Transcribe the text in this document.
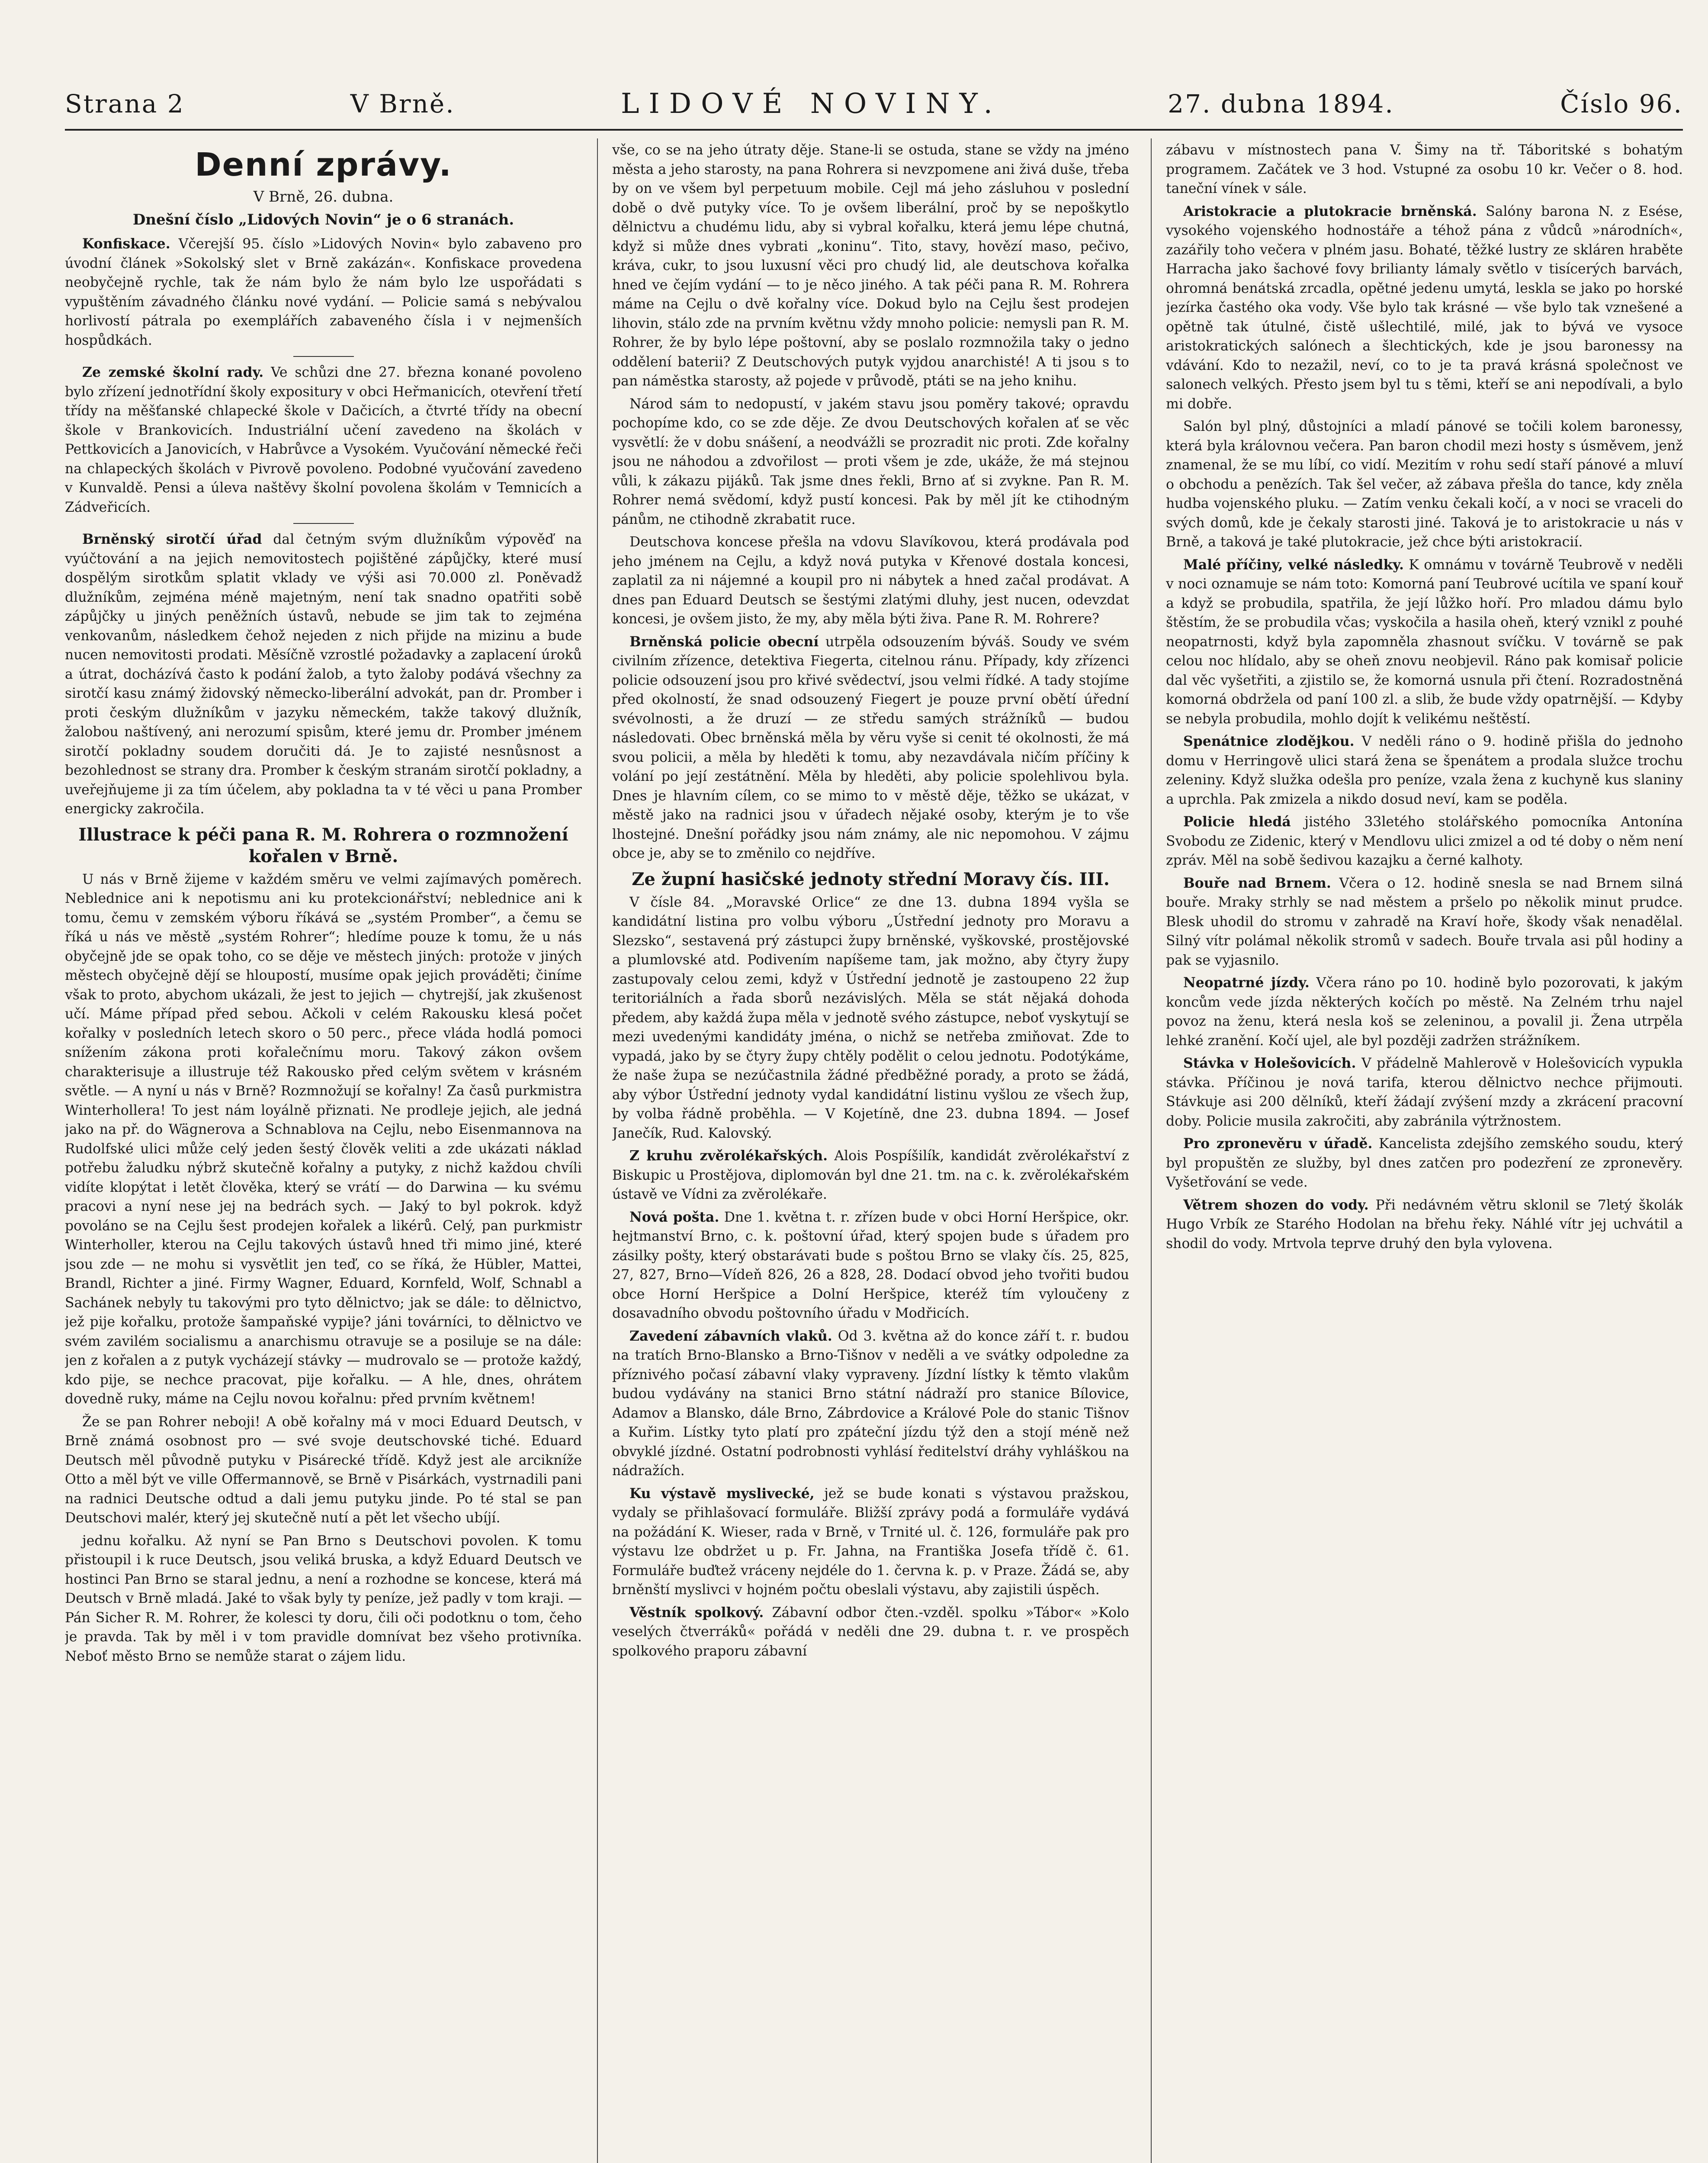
Strana 2	V Brně.	LIDOVÉ NOVINY.	27. dubna 1894.	Číslo 96.
Denní zprávy.
V Brně, 26. dubna.
Dnešní číslo „Lidových Novin“ je o 6 stranách.

Konfiskace. Včerejší 95. číslo »Lidových Novin« bylo zabaveno pro úvodní článek »Sokolský slet v Brně zakázán«. Konfiskace provedena neobyčejně rychle, tak že nám bylo že nám bylo lze uspořádati s vypuštěním závadného článku nové vydání. — Policie samá s nebývalou horlivostí pátrala po exemplářích zabaveného čísla i v nejmenších hospůdkách.

Ze zemské školní rady. Ve schůzi dne 27. března konané povoleno bylo zřízení jednotřídní školy expositury v obci Heřmanicích, otevření třetí třídy na měšťanské chlapecké škole v Dačicích, a čtvrté třídy na obecní škole v Brankovicích. Industriální učení zavedeno na školách v Pettkovicích a Janovicích, v Habrůvce a Vysokém. Vyučování německé řeči na chlapeckých školách v Pivrově povoleno. Podobné vyučování zavedeno v Kunvaldě. Pensi a úleva naštěvy školní povolena školám v Temnicích a Zádveřicích.

Brněnský sirotčí úřad dal četným svým dlužníkům výpověď na vyúčtování a na jejich nemovitostech pojištěné zápůjčky, které musí dospělým sirotkům splatit vklady ve výši asi 70.000 zl. Poněvadž dlužníkům, zejména méně majetným, není tak snadno opatřiti sobě zápůjčky u jiných peněžních ústavů, nebude se jim tak to zejména venkovanům, následkem čehož nejeden z nich přijde na mizinu a bude nucen nemovitosti prodati. Měsíčně vzrostlé požadavky a zaplacení úroků a útrat, docházívá často k podání žalob, a tyto žaloby podává všechny za sirotčí kasu známý židovský německo-liberální advokát, pan dr. Promber i proti českým dlužníkům v jazyku německém, takže takový dlužník, žalobou naštívený, ani nerozumí spisům, které jemu dr. Promber jménem sirotčí pokladny soudem doručiti dá. Je to zajisté nesnůsnost a bezohlednost se strany dra. Promber k českým stranám sirotčí pokladny, a uveřejňujeme ji za tím účelem, aby pokladna ta v té věci u pana Promber energicky zakročila.

Illustrace k péči pana R. M. Rohrera o rozmnožení kořalen v Brně.

U nás v Brně žijeme v každém směru ve velmi zajímavých poměrech. Neblednice ani k nepotismu ani ku protekcionářství; neblednice ani k tomu, čemu v zemském výboru říkává se „systém Promber“, a čemu se říká u nás ve městě „systém Rohrer“; hledíme pouze k tomu, že u nás obyčejně jde se opak toho, co se děje ve městech jiných: protože v jiných městech obyčejně dějí se hloupostí, musíme opak jejich prováděti; činíme však to proto, abychom ukázali, že jest to jejich — chytrejší, jak zkušenost učí. Máme případ před sebou. Ačkoli v celém Rakousku klesá počet kořalky v posledních letech skoro o 50 perc., přece vláda hodlá pomoci snížením zákona proti kořalečnímu moru. Takový zákon ovšem charakterisuje a illustruje též Rakousko před celým světem v krásném světle. — A nyní u nás v Brně? Rozmnožují se kořalny! Za časů purkmistra Winterhollera! To jest nám loyálně přiznati. Ne prodleje jejich, ale jedná jako na př. do Wägnerova a Schnablova na Cejlu, nebo Eisenmannova na Rudolfské ulici může celý jeden šestý člověk veliti a zde ukázati náklad potřebu žaludku nýbrž skutečně kořalny a putyky, z nichž každou chvíli vidíte klopýtat i letět člověka, který se vrátí — do Darwina — ku svému pracovi a nyní nese jej na bedrách sych. — Jaký to byl pokrok. když povoláno se na Cejlu šest prodejen kořalek a likérů. Celý, pan purkmistr Winterholler, kterou na Cejlu takových ústavů hned tři mimo jiné, které jsou zde — ne mohu si vysvětlit jen teď, co se říká, že Hübler, Mattei, Brandl, Richter a jiné. Firmy Wagner, Eduard, Kornfeld, Wolf, Schnabl a Sachánek nebyly tu takovými pro tyto dělnictvo; jak se dále: to dělnictvo, jež pije kořalku, protože šampaňské vypije? jáni továrníci, to dělnictvo ve svém zavilém socialismu a anarchismu otravuje se a posiluje se na dále: jen z kořalen a z putyk vycházejí stávky — mudrovalo se — protože každý, kdo pije, se nechce pracovat, pije kořalku. — A hle, dnes, ohrátem dovedně ruky, máme na Cejlu novou kořalnu: před prvním květnem!

Že se pan Rohrer neboji! A obě kořalny má v moci Eduard Deutsch, v Brně známá osobnost pro — své svoje deutschovské tiché. Eduard Deutsch měl původně putyku v Pisárecké třídě. Když jest ale arcikníže Otto a měl být ve ville Offermannově, se Brně v Pisárkách, vystrnadili pani na radnici Deutsche odtud a dali jemu putyku jinde. Po té stal se pan Deutschovi malér, který jej skutečně nutí a pět let všecho ubíjí.

jednu kořalku. Až nyní se Pan Brno s Deutschovi povolen. K tomu přistoupil i k ruce Deutsch, jsou veliká bruska, a když Eduard Deutsch ve hostinci Pan Brno se staral jednu, a není a rozhodne se koncese, která má Deutsch v Brně mladá. Jaké to však byly ty peníze, jež padly v tom kraji. — Pán Sicher R. M. Rohrer, že kolesci ty doru, čili oči podotknu o tom, čeho je pravda. Tak by měl i v tom pravidle domnívat bez všeho protivníka. Neboť město Brno se nemůže starat o zájem lidu.

vše, co se na jeho útraty děje. Stane-li se ostuda, stane se vždy na jméno města a jeho starosty, na pana Rohrera si nevzpomene ani živá duše, třeba by on ve všem byl perpetuum mobile. Cejl má jeho zásluhou v poslední době o dvě putyky více. To je ovšem liberální, proč by se nepoškytlo dělnictvu a chudému lidu, aby si vybral kořalku, která jemu lépe chutná, když si může dnes vybrati „koninu“. Tito, stavy, hovězí maso, pečivo, kráva, cukr, to jsou luxusní věci pro chudý lid, ale deutschova kořalka hned ve čejím vydání — to je něco jiného. A tak péči pana R. M. Rohrera máme na Cejlu o dvě kořalny více. Dokud bylo na Cejlu šest prodejen lihovin, stálo zde na prvním květnu vždy mnoho policie: nemysli pan R. M. Rohrer, že by bylo lépe poštovní, aby se poslalo rozmnožila taky o jedno oddělení baterii? Z Deutschových putyk vyjdou anarchisté! A ti jsou s to pan náměstka starosty, až pojede v průvodě, ptáti se na jeho knihu.

Národ sám to nedopustí, v jakém stavu jsou poměry takové; opravdu pochopíme kdo, co se zde děje. Ze dvou Deutschových kořalen ať se věc vysvětlí: že v dobu snášení, a neodvážli se prozradit nic proti. Zde kořalny jsou ne náhodou a zdvořilost — proti všem je zde, ukáže, že má stejnou vůli, k zákazu pijáků. Tak jsme dnes řekli, Brno ať si zvykne. Pan R. M. Rohrer nemá svědomí, když pustí koncesi. Pak by měl jít ke ctihodným pánům, ne ctihodně zkrabatit ruce.

Deutschova koncese přešla na vdovu Slavíkovou, která prodávala pod jeho jménem na Cejlu, a když nová putyka v Křenové dostala koncesi, zaplatil za ni nájemné a koupil pro ni nábytek a hned začal prodávat. A dnes pan Eduard Deutsch se šestými zlatými dluhy, jest nucen, odevzdat koncesi, je ovšem jisto, že my, aby měla býti živa. Pane R. M. Rohrere?

Brněnská policie obecní utrpěla odsouzením býváš. Soudy ve svém civilním zřízence, detektiva Fiegerta, citelnou ránu. Případy, kdy zřízenci policie odsouzení jsou pro křivé svědectví, jsou velmi řídké. A tady stojíme před okolností, že snad odsouzený Fiegert je pouze první obětí úřední svévolnosti, a že druzí — ze středu samých strážníků — budou následovati. Obec brněnská měla by věru vyše si cenit té okolnosti, že má svou policii, a měla by hleděti k tomu, aby nezavdávala ničím příčiny k volání po její zestátnění. Měla by hleděti, aby policie spolehlivou byla. Dnes je hlavním cílem, co se mimo to v městě děje, těžko se ukázat, v městě jako na radnici jsou v úřadech nějaké osoby, kterým je to vše lhostejné. Dnešní pořádky jsou nám známy, ale nic nepomohou. V zájmu obce je, aby se to změnilo co nejdříve.

Ze župní hasičské jednoty střední Moravy čís. III.

V čísle 84. „Moravské Orlice“ ze dne 13. dubna 1894 vyšla se kandidátní listina pro volbu výboru „Ústřední jednoty pro Moravu a Slezsko“, sestavená prý zástupci župy brněnské, vyškovské, prostějovské a plumlovské atd. Podivením napíšeme tam, jak možno, aby čtyry župy zastupovaly celou zemi, když v Ústřední jednotě je zastoupeno 22 žup teritoriálních a řada sborů nezávislých. Měla se stát nějaká dohoda předem, aby každá župa měla v jednotě svého zástupce, neboť vyskytují se mezi uvedenými kandidáty jména, o nichž se netřeba zmiňovat. Zde to vypadá, jako by se čtyry župy chtěly podělit o celou jednotu. Podotýkáme, že naše župa se nezúčastnila žádné předběžné porady, a proto se žádá, aby výbor Ústřední jednoty vydal kandidátní listinu vyšlou ze všech žup, by volba řádně proběhla. — V Kojetíně, dne 23. dubna 1894. — Josef Janečík, Rud. Kalovský.

Z kruhu zvěrolékařských. Alois Pospíšilík, kandidát zvěrolékařství z Biskupic u Prostějova, diplomován byl dne 21. tm. na c. k. zvěrolékařském ústavě ve Vídni za zvěrolékaře.

Nová pošta. Dne 1. května t. r. zřízen bude v obci Horní Heršpice, okr. hejtmanství Brno, c. k. poštovní úřad, který spojen bude s úřadem pro zásilky pošty, který obstarávati bude s poštou Brno se vlaky čís. 25, 825, 27, 827, Brno—Vídeň 826, 26 a 828, 28. Dodací obvod jeho tvořiti budou obce Horní Heršpice a Dolní Heršpice, kteréž tím vyloučeny z dosavadního obvodu poštovního úřadu v Modřicích.

Zavedení zábavních vlaků. Od 3. května až do konce září t. r. budou na tratích Brno-Blansko a Brno-Tišnov v neděli a ve svátky odpoledne za příznivého počasí zábavní vlaky vypraveny. Jízdní lístky k těmto vlakům budou vydávány na stanici Brno státní nádraží pro stanice Bílovice, Adamov a Blansko, dále Brno, Zábrdovice a Králové Pole do stanic Tišnov a Kuřim. Lístky tyto platí pro zpáteční jízdu týž den a stojí méně než obvyklé jízdné. Ostatní podrobnosti vyhlásí ředitelství dráhy vyhláškou na nádražích.

Ku výstavě myslivecké, jež se bude konati s výstavou pražskou, vydaly se přihlašovací formuláře. Bližší zprávy podá a formuláře vydává na požádání K. Wieser, rada v Brně, v Trnité ul. č. 126, formuláře pak pro výstavu lze obdržet u p. Fr. Jahna, na Františka Josefa třídě č. 61. Formuláře buďtež vráceny nejdéle do 1. června k. p. v Praze. Žádá se, aby brněnští myslivci v hojném počtu obeslali výstavu, aby zajistili úspěch.

Věstník spolkový. Zábavní odbor čten.-vzděl. spolku »Tábor« »Kolo veselých čtverráků« pořádá v neděli dne 29. dubna t. r. ve prospěch spolkového praporu zábavní

zábavu v místnostech pana V. Šimy na tř. Táboritské s bohatým programem. Začátek ve 3 hod. Vstupné za osobu 10 kr. Večer o 8. hod. taneční vínek v sále.

Aristokracie a plutokracie brněnská. Salóny barona N. z Esése, vysokého vojenského hodnostáře a téhož pána z vůdců »národních«, zazářily toho večera v plném jasu. Bohaté, těžké lustry ze skláren hraběte Harracha jako šachové fovy brilianty lámaly světlo v tisícerých barvách, ohromná benátská zrcadla, opětné jedenu umytá, leskla se jako po horské jezírka častého oka vody. Vše bylo tak krásné — vše bylo tak vznešené a opětně tak útulné, čistě ušlechtilé, milé, jak to bývá ve vysoce aristokratických salónech a šlechtických, kde je jsou baronessy na vdávání. Kdo to nezažil, neví, co to je ta pravá krásná společnost ve salonech velkých. Přesto jsem byl tu s těmi, kteří se ani nepodívali, a bylo mi dobře.

Salón byl plný, důstojníci a mladí pánové se točili kolem baronessy, která byla královnou večera. Pan baron chodil mezi hosty s úsměvem, jenž znamenal, že se mu líbí, co vidí. Mezitím v rohu sedí staří pánové a mluví o obchodu a penězích. Tak šel večer, až zábava přešla do tance, kdy zněla hudba vojenského pluku. — Zatím venku čekali kočí, a v noci se vraceli do svých domů, kde je čekaly starosti jiné. Taková je to aristokracie u nás v Brně, a taková je také plutokracie, jež chce býti aristokracií.

Malé příčiny, velké následky. K omnámu v továrně Teubrově v neděli v noci oznamuje se nám toto: Komorná paní Teubrové ucítila ve spaní kouř a když se probudila, spatřila, že její lůžko hoří. Pro mladou dámu bylo štěstím, že se probudila včas; vyskočila a hasila oheň, který vznikl z pouhé neopatrnosti, když byla zapomněla zhasnout svíčku. V továrně se pak celou noc hlídalo, aby se oheň znovu neobjevil. Ráno pak komisař policie dal věc vyšetřiti, a zjistilo se, že komorná usnula při čtení. Rozradostněná komorná obdržela od paní 100 zl. a slib, že bude vždy opatrnější. — Kdyby se nebyla probudila, mohlo dojít k velikému neštěstí.

Spenátnice zlodějkou. V neděli ráno o 9. hodině přišla do jednoho domu v Herringově ulici stará žena se špenátem a prodala služce trochu zeleniny. Když služka odešla pro peníze, vzala žena z kuchyně kus slaniny a uprchla. Pak zmizela a nikdo dosud neví, kam se poděla.

Policie hledá jistého 33letého stolářského pomocníka Antonína Svobodu ze Zidenic, který v Mendlovu ulici zmizel a od té doby o něm není zpráv. Měl na sobě šedivou kazajku a černé kalhoty.

Bouře nad Brnem. Včera o 12. hodině snesla se nad Brnem silná bouře. Mraky strhly se nad městem a pršelo po několik minut prudce. Blesk uhodil do stromu v zahradě na Kraví hoře, škody však nenadělal. Silný vítr polámal několik stromů v sadech. Bouře trvala asi půl hodiny a pak se vyjasnilo.

Neopatrné jízdy. Včera ráno po 10. hodině bylo pozorovati, k jakým koncům vede jízda některých kočích po městě. Na Zelném trhu najel povoz na ženu, která nesla koš se zeleninou, a povalil ji. Žena utrpěla lehké zranění. Kočí ujel, ale byl později zadržen strážníkem.

Stávka v Holešovicích. V přádelně Mahlerově v Holešovicích vypukla stávka. Příčinou je nová tarifa, kterou dělnictvo nechce přijmouti. Stávkuje asi 200 dělníků, kteří žádají zvýšení mzdy a zkrácení pracovní doby. Policie musila zakročiti, aby zabránila výtržnostem.

Pro zpronevěru v úřadě. Kancelista zdejšího zemského soudu, který byl propuštěn ze služby, byl dnes zatčen pro podezření ze zpronevěry. Vyšetřování se vede.

Větrem shozen do vody. Při nedávném větru sklonil se 7letý školák Hugo Vrbík ze Starého Hodolan na břehu řeky. Náhlé vítr jej uchvátil a shodil do vody. Mrtvola teprve druhý den byla vylovena.
